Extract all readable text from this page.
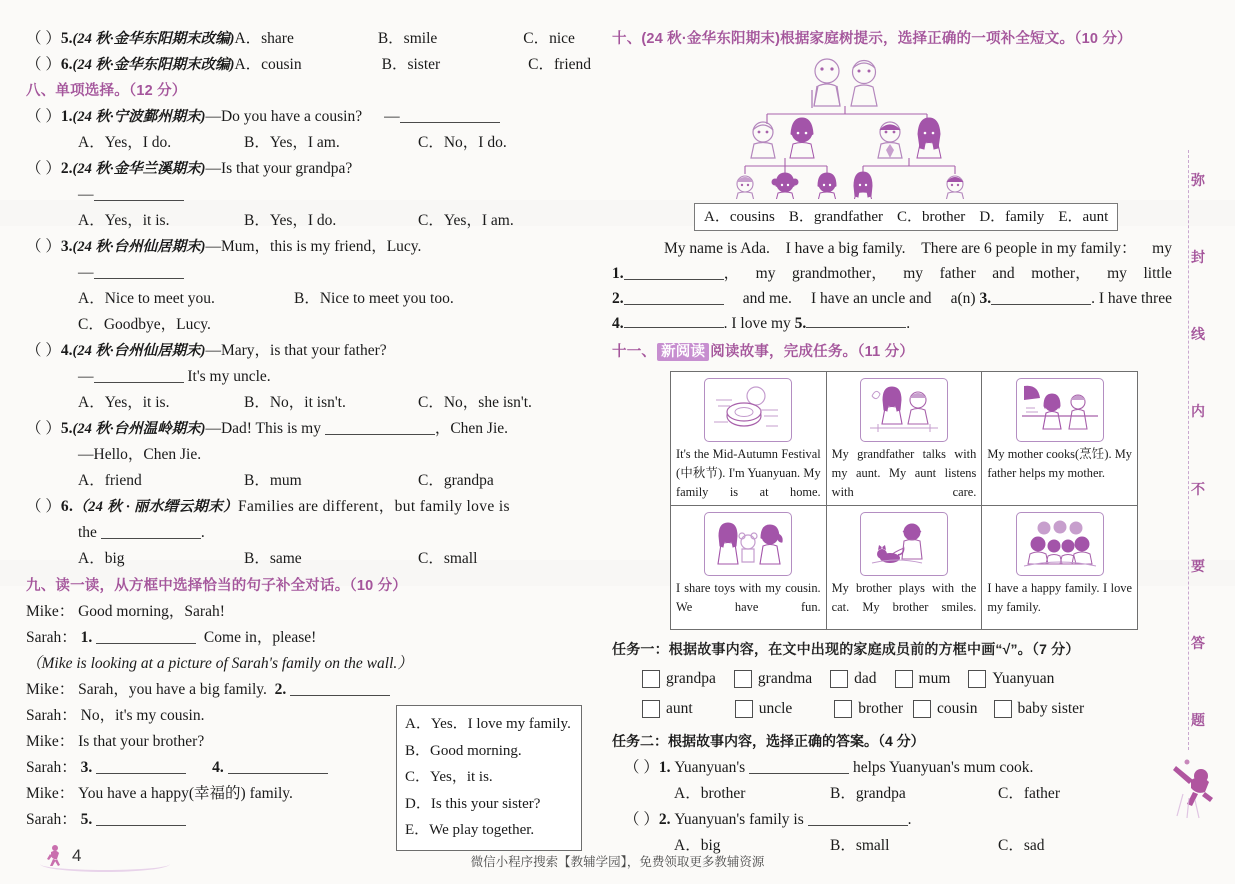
（ ）5.(24 秋·金华东阳期末改编)A．share	B．smile	C．nice
（ ）6.(24 秋·金华东阳期末改编)A．cousin	B．sister	C．friend
八、单项选择。（12 分）
（ ）1.(24 秋·宁波鄞州期末)—Do you have a cousin? —
A．Yes，I do.	B．Yes，I am.	C．No，I do.
（ ）2.(24 秋·金华兰溪期末)—Is that your grandpa?
—
A．Yes，it is.	B．Yes，I do.	C．Yes，I am.
（ ）3.(24 秋·台州仙居期末)—Mum，this is my friend，Lucy.
—
A．Nice to meet you.	B．Nice to meet you too.
C．Goodbye，Lucy.
（ ）4.(24 秋·台州仙居期末)—Mary，is that your father?
—	It's my uncle.
A．Yes，it is.	B．No，it isn't.	C．No，she isn't.
（ ）5.(24 秋·台州温岭期末)—Dad! This is my	，Chen Jie.
—Hello，Chen Jie.
A．friend	B．mum	C．grandpa
（ ）6.（24 秋 · 丽水缙云期末）Families are different，but family love is
the	.
A．big	B．same	C．small
九、读一读，从方框中选择恰当的句子补全对话。（10 分）
Mike： Good morning，Sarah!
Sarah： 1.	Come in，please!
（Mike is looking at a picture of Sarah's family on the wall.）
Mike： Sarah，you have a big family. 2.
Sarah： No，it's my cousin.
Mike： Is that your brother?
Sarah： 3.	4.
Mike： You have a happy(幸福的) family.
Sarah： 5.
A．Yes．I love my family.
B．Good morning.
C．Yes，it is.
D．Is this your sister?
E．We play together.
十、(24 秋·金华东阳期末)根据家庭树提示，选择正确的一项补全短文。（10 分）
A．cousins B．grandfather C．brother D．family E．aunt
My name is Ada. I have a big family. There are 6 people in my family： my
1.	， my grandmother， my father and mother， my little
2.	and me. I have an uncle and a(n) 3.	. I have three
4.	. I love my
5.	.
十一、 新阅读 阅读故事，完成任务。（11 分）
It's the Mid-Autumn Festival (中秋节). I'm Yuanyuan. My family is at home.	My grandfather talks with my aunt. My aunt listens with care.	My mother cooks(烹饪). My father helps my mother.

I share toys with my cousin. We have fun.	My brother plays with the cat. My brother smiles.	I have a happy family. I love my family.
任务一：根据故事内容，在文中出现的家庭成员前的方框中画“√”。（7 分）
grandpa	grandma	dad	mum	Yuanyuan
aunt	uncle	brother cousin	baby sister
任务二：根据故事内容，选择正确的答案。（4 分）
（ ）1. Yuanyuan's	helps Yuanyuan's mum cook.
A．brother	B．grandpa	C．father
（ ）2. Yuanyuan's family is	.
A．big	B．small	C．sad
弥
封
线
内
不
要
答
题
4	微信小程序搜索【教辅学园】，免费领取更多教辅资源
